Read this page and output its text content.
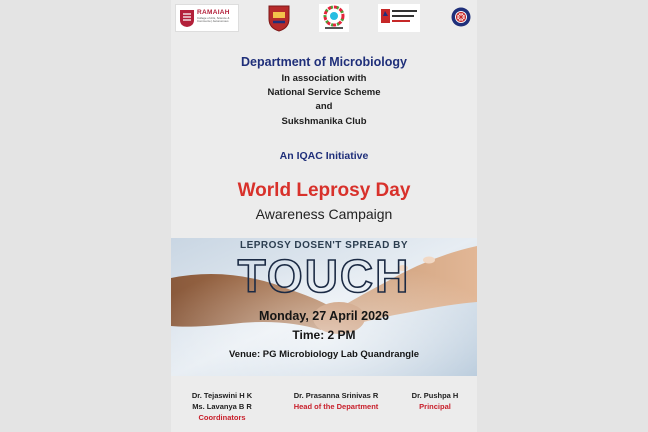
RAMAIAH
College of Arts, Science & Commerce | Autonomous
Department of Microbiology
In association with
National Service Scheme
and
Sukshmanika Club
An IQAC Initiative
World Leprosy Day
Awareness Campaign
LEPROSY DOSEN'T SPREAD BY
TOUCH
Monday, 27 April 2026
Time: 2 PM
Venue: PG Microbiology Lab Quandrangle
Dr. Tejaswini H K
Ms. Lavanya B R
Coordinators
Dr. Prasanna Srinivas R
Head of the Department
Dr. Pushpa H
Principal
